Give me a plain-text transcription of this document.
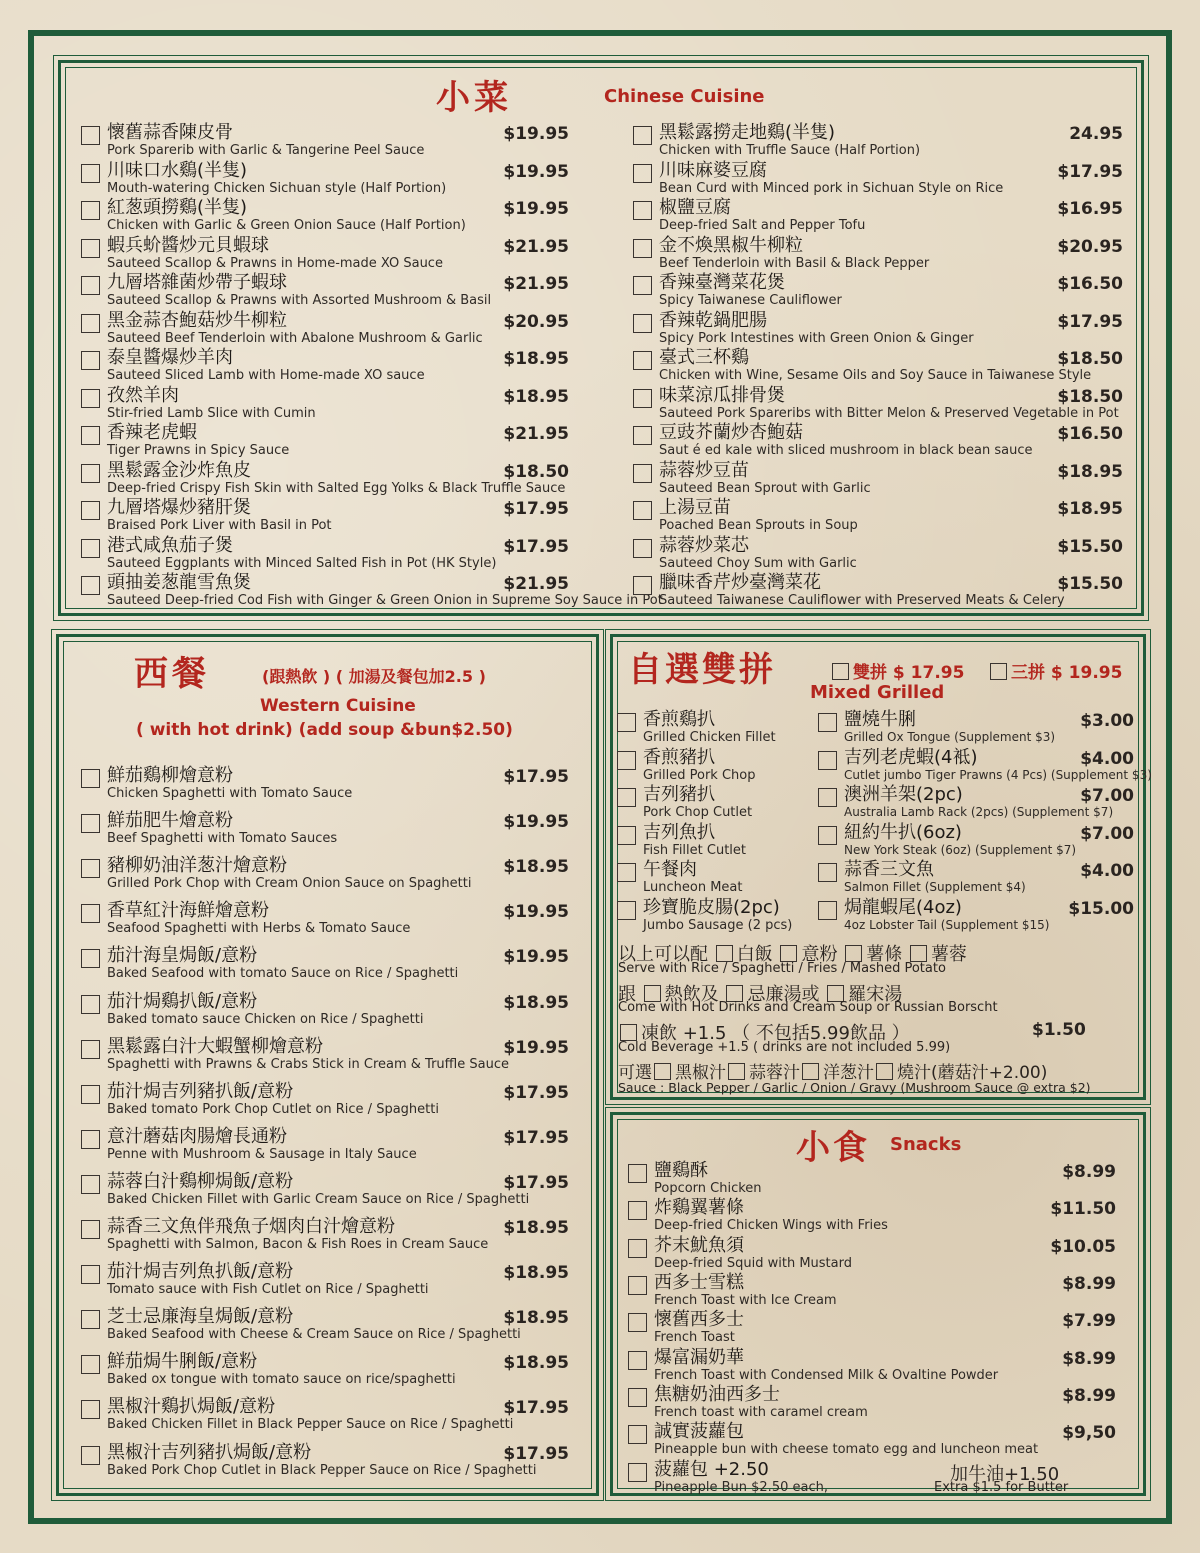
小菜	Chinese Cuisine
懷舊蒜香陳皮骨
Pork Sparerib with Garlic & Tangerine Peel Sauce
$19.95
川味口水鷄(半隻)
Mouth-watering Chicken Sichuan style (Half Portion)
$19.95
紅葱頭撈鷄(半隻)
Chicken with Garlic & Green Onion Sauce (Half Portion)
$19.95
蝦兵蚧醬炒元貝蝦球
Sauteed Scallop & Prawns in Home-made XO Sauce
$21.95
九層塔雜菌炒帶子蝦球
Sauteed Scallop & Prawns with Assorted Mushroom & Basil
$21.95
黑金蒜杏鮑菇炒牛柳粒
Sauteed Beef Tenderloin with Abalone Mushroom & Garlic
$20.95
泰皇醬爆炒羊肉
Sauteed Sliced Lamb with Home-made XO sauce
$18.95
孜然羊肉
Stir-fried Lamb Slice with Cumin
$18.95
香辣老虎蝦
Tiger Prawns in Spicy Sauce
$21.95
黑鬆露金沙炸魚皮
Deep-fried Crispy Fish Skin with Salted Egg Yolks & Black Truffle Sauce
$18.50
九層塔爆炒豬肝煲
Braised Pork Liver with Basil in Pot
$17.95
港式咸魚茄子煲
Sauteed Eggplants with Minced Salted Fish in Pot (HK Style)
$17.95
頭抽姜葱龍雪魚煲
Sauteed Deep-fried Cod Fish with Ginger & Green Onion in Supreme Soy Sauce in Pot
$21.95
黑鬆露撈走地鷄(半隻)
Chicken with Truffle Sauce (Half Portion)
24.95
川味麻婆豆腐
Bean Curd with Minced pork in Sichuan Style on Rice
$17.95
椒鹽豆腐
Deep-fried Salt and Pepper Tofu
$16.95
金不煥黑椒牛柳粒
Beef Tenderloin with Basil & Black Pepper
$20.95
香辣臺灣菜花煲
Spicy Taiwanese Cauliflower
$16.50
香辣乾鍋肥腸
Spicy Pork Intestines with Green Onion & Ginger
$17.95
臺式三杯鷄
Chicken with Wine, Sesame Oils and Soy Sauce in Taiwanese Style
$18.50
味菜涼瓜排骨煲
Sauteed Pork Spareribs with Bitter Melon & Preserved Vegetable in Pot
$18.50
豆豉芥蘭炒杏鮑菇
Saut é ed kale with sliced mushroom in black bean sauce
$16.50
蒜蓉炒豆苗
Sauteed Bean Sprout with Garlic
$18.95
上湯豆苗
Poached Bean Sprouts in Soup
$18.95
蒜蓉炒菜芯
Sauteed Choy Sum with Garlic
$15.50
臘味香芹炒臺灣菜花
Sauteed Taiwanese Cauliflower with Preserved Meats & Celery
$15.50
西餐	(跟熱飲 ) ( 加湯及餐包加2.5 )
Western Cuisine
( with hot drink) (add soup &bun$2.50)
鮮茄鷄柳燴意粉
Chicken Spaghetti with Tomato Sauce
$17.95
鮮茄肥牛燴意粉
Beef Spaghetti with Tomato Sauces
$19.95
豬柳奶油洋葱汁燴意粉
Grilled Pork Chop with Cream Onion Sauce on Spaghetti
$18.95
香草紅汁海鮮燴意粉
Seafood Spaghetti with Herbs & Tomato Sauce
$19.95
茄汁海皇焗飯/意粉
Baked Seafood with tomato Sauce on Rice / Spaghetti
$19.95
茄汁焗鷄扒飯/意粉
Baked tomato sauce Chicken on Rice / Spaghetti
$18.95
黑鬆露白汁大蝦蟹柳燴意粉
Spaghetti with Prawns & Crabs Stick in Cream & Truffle Sauce
$19.95
茄汁焗吉列豬扒飯/意粉
Baked tomato Pork Chop Cutlet on Rice / Spaghetti
$17.95
意汁蘑菇肉腸燴長通粉
Penne with Mushroom & Sausage in Italy Sauce
$17.95
蒜蓉白汁鷄柳焗飯/意粉
Baked Chicken Fillet with Garlic Cream Sauce on Rice / Spaghetti
$17.95
蒜香三文魚伴飛魚子烟肉白汁燴意粉
Spaghetti with Salmon, Bacon & Fish Roes in Cream Sauce
$18.95
茄汁焗吉列魚扒飯/意粉
Tomato sauce with Fish Cutlet on Rice / Spaghetti
$18.95
芝士忌廉海皇焗飯/意粉
Baked Seafood with Cheese & Cream Sauce on Rice / Spaghetti
$18.95
鮮茄焗牛脷飯/意粉
Baked ox tongue with tomato sauce on rice/spaghetti
$18.95
黑椒汁鷄扒焗飯/意粉
Baked Chicken Fillet in Black Pepper Sauce on Rice / Spaghetti
$17.95
黑椒汁吉列豬扒焗飯/意粉
Baked Pork Chop Cutlet in Black Pepper Sauce on Rice / Spaghetti
$17.95
自選雙拼	雙拼 $ 17.95	三拼 $ 19.95
Mixed Grilled
香煎鷄扒
Grilled Chicken Fillet
香煎豬扒
Grilled Pork Chop
吉列豬扒
Pork Chop Cutlet
吉列魚扒
Fish Fillet Cutlet
午餐肉
Luncheon Meat
珍寶脆皮腸(2pc)
Jumbo Sausage (2 pcs)
鹽燒牛脷
Grilled Ox Tongue (Supplement $3)
$3.00
吉列老虎蝦(4袛)
Cutlet jumbo Tiger Prawns (4 Pcs) (Supplement $3)
$4.00
澳洲羊架(2pc)
Australia Lamb Rack (2pcs) (Supplement $7)
$7.00
紐約牛扒(6oz)
New York Steak (6oz) (Supplement $7)
$7.00
蒜香三文魚
Salmon Fillet (Supplement $4)
$4.00
焗龍蝦尾(4oz)
4oz Lobster Tail (Supplement $15)
$15.00
以上可以配 白飯 意粉 薯條 薯蓉
Serve with Rice / Spaghetti / Fries / Mashed Potato
跟 熱飲及 忌廉湯或 羅宋湯
Come with Hot Drinks and Cream Soup or Russian Borscht
凍飲 +1.5 （ 不包括5.99飲品 ）	$1.50
Cold Beverage +1.5 ( drinks are not included 5.99)
可選 黑椒汁 蒜蓉汁 洋葱汁 燒汁(蘑菇汁+2.00)
Sauce : Black Pepper / Garlic / Onion / Gravy (Mushroom Sauce @ extra $2)
小食 Snacks
鹽鷄酥
Popcorn Chicken
$8.99
炸鷄翼薯條
Deep-fried Chicken Wings with Fries
$11.50
芥末魷魚須
Deep-fried Squid with Mustard
$10.05
西多士雪糕
French Toast with Ice Cream
$8.99
懷舊西多士
French Toast
$7.99
爆富漏奶華
French Toast with Condensed Milk & Ovaltine Powder
$8.99
焦糖奶油西多士
French toast with caramel cream
$8.99
誠實菠蘿包
Pineapple bun with cheese tomato egg and luncheon meat
$9,50
菠蘿包 +2.50
Pineapple Bun $2.50 each,
加牛油+1.50
Extra $1.5 for Butter
